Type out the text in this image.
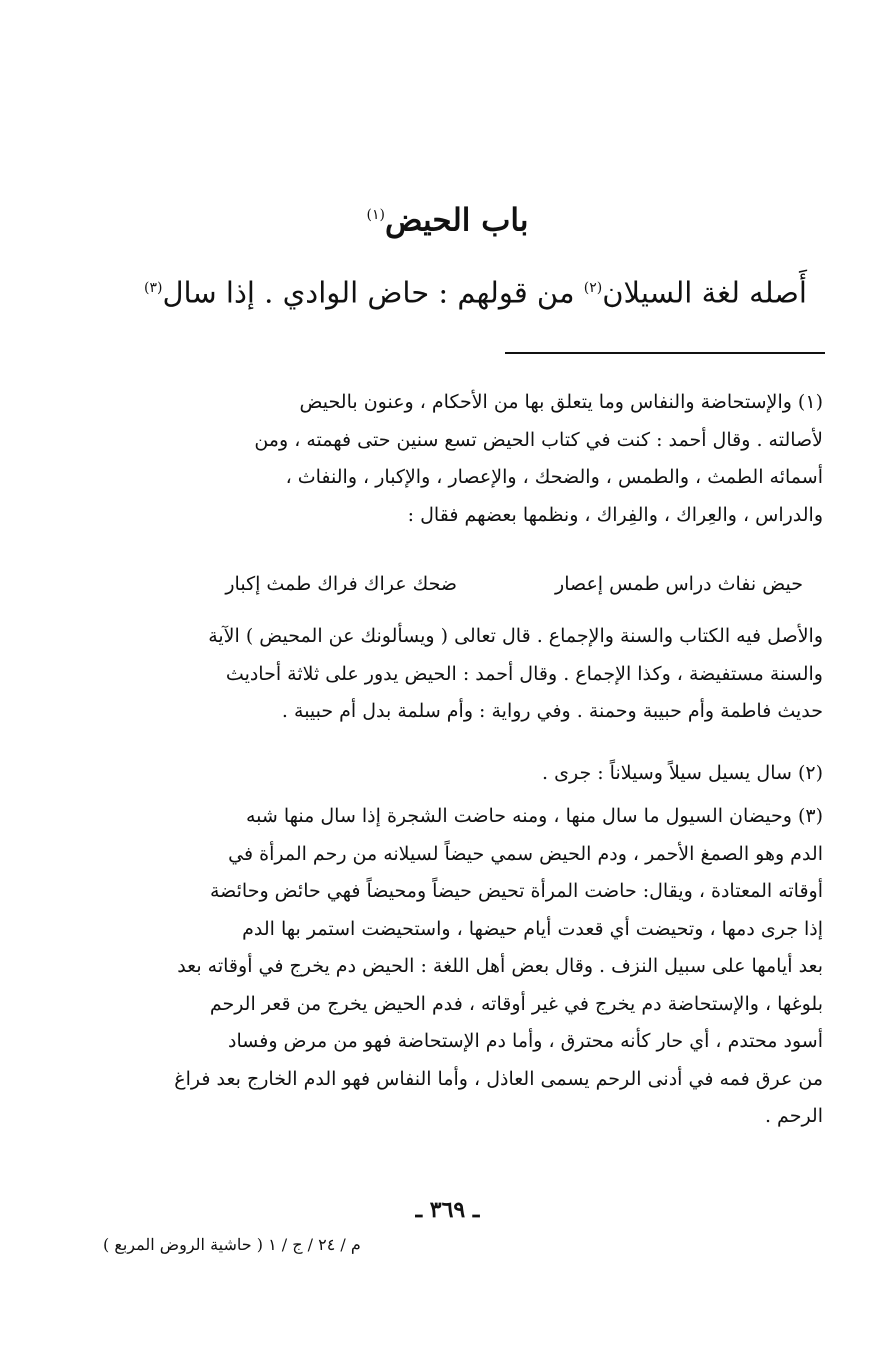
باب الحيض$^{(١)}$
أَصله لغة السيلان$^{(٢)}$ من قولهم : حاض الوادي . إذا سال$^{(٣)}$
(١) والإستحاضة والنفاس وما يتعلق بها من الأحكام ، وعنون بالحيض
لأصالته . وقال أحمد : كنت في كتاب الحيض تسع سنين حتى فهمته ، ومن
أسمائه الطمث ، والطمس ، والضحك ، والإعصار ، والإكبار ، والنفاث ،
والدراس ، والعِراك ، والفِراك ، ونظمها بعضهم فقال :
حيض نفاث دراس طمس إعصار
ضحك عراك فراك طمث إكبار
والأصل فيه الكتاب والسنة والإجماع . قال تعالى ( ويسألونك عن المحيض ) الآية
والسنة مستفيضة ، وكذا الإجماع . وقال أحمد : الحيض يدور على ثلاثة أحاديث
حديث فاطمة وأم حبيبة وحمنة . وفي رواية : وأم سلمة بدل أم حبيبة .
(٢) سال يسيل سيلاً وسيلاناً : جرى .
(٣) وحيضان السيول ما سال منها ، ومنه حاضت الشجرة إذا سال منها شبه
الدم وهو الصمغ الأحمر ، ودم الحيض سمي حيضاً لسيلانه من رحم المرأة في
أوقاته المعتادة ، ويقال: حاضت المرأة تحيض حيضاً ومحيضاً فهي حائض وحائضة
إذا جرى دمها ، وتحيضت أي قعدت أيام حيضها ، واستحيضت استمر بها الدم
بعد أيامها على سبيل النزف . وقال بعض أهل اللغة : الحيض دم يخرج في أوقاته بعد
بلوغها ، والإستحاضة دم يخرج في غير أوقاته ، فدم الحيض يخرج من قعر الرحم
أسود محتدم ، أي حار كأنه محترق ، وأما دم الإستحاضة فهو من مرض وفساد
من عرق فمه في أدنى الرحم يسمى العاذل ، وأما النفاس فهو الدم الخارج بعد فراغ
الرحم .
ـ ٣٦٩ ـ
م / ٢٤ / ج / ١ ( حاشية الروض المربع )
